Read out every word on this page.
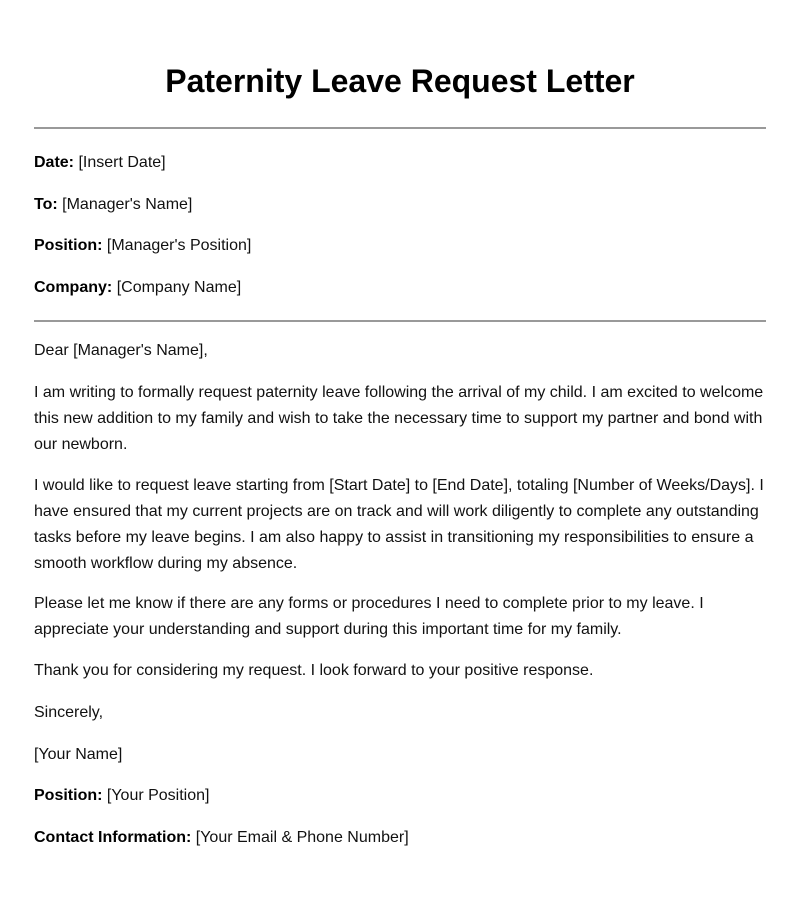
Paternity Leave Request Letter

Date: [Insert Date]

To: [Manager's Name]

Position: [Manager's Position]

Company: [Company Name]

Dear [Manager's Name],

I am writing to formally request paternity leave following the arrival of my child. I am excited to welcome this new addition to my family and wish to take the necessary time to support my partner and bond with our newborn.

I would like to request leave starting from [Start Date] to [End Date], totaling [Number of Weeks/Days]. I have ensured that my current projects are on track and will work diligently to complete any outstanding tasks before my leave begins. I am also happy to assist in transitioning my responsibilities to ensure a smooth workflow during my absence.

Please let me know if there are any forms or procedures I need to complete prior to my leave. I appreciate your understanding and support during this important time for my family.

Thank you for considering my request. I look forward to your positive response.

Sincerely,

[Your Name]

Position: [Your Position]

Contact Information: [Your Email & Phone Number]
